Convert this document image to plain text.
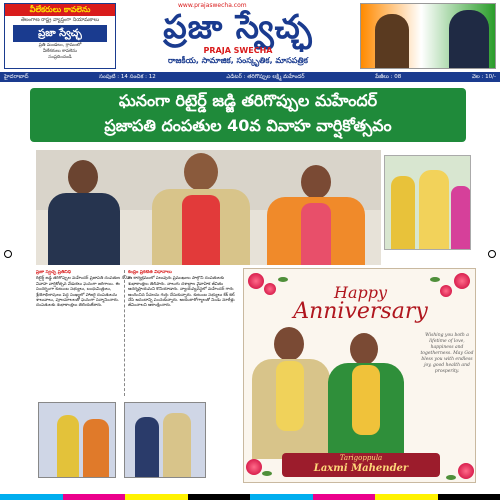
వీలేకరులు కావలెను
తెలంగాణ రాష్ట్ర వ్యాప్తంగా నియామకాలు
ప్రజా స్వేచ్ఛ
ప్రతి మండలం, గ్రామంలో
వీలేకరులు కావలెను
సంప్రదించండి
www.prajaswecha.com
ప్రజా స్వేచ్ఛ
PRAJA SWECHA
రాజకీయ, సామాజిక, సంస్కృతిక, మాసపత్రిక
హైదరాబాద్	సంపుటి : 14 సంచిక : 12	ఎడిటర్ : తరిగొప్పుల లక్ష్మి మహేందర్	పేజీలు : 08	వెల : 10/-
ఘనంగా రిటైర్డ్ జడ్జి తరిగొప్పుల మహేందర్
ప్రజాపతి దంపతుల 40వ వివాహ వార్షికోత్సవం
ప్రజా స్వేచ్ఛ ప్రతినిధి
రిటైర్డ్ జడ్జి తరిగొప్పుల మహేందర్ ప్రజాపతి దంపతుల 40వ వివాహ వార్షికోత్సవ వేడుకలు ఘనంగా జరిగాయి. ఈ సందర్భంగా కుటుంబ సభ్యులు, బంధుమిత్రులు, శ్రేయోభిలాషులు పెద్ద సంఖ్యలో హాజరై దంపతులను శాలువాలు, పూలమాలలతో ఘనంగా సన్మానించారు. దంపతులకు శుభాకాంక్షలు తెలియజేశారు.
కేంద్రం ప్రకటిత విధానాలు
ఈ కార్యక్రమంలో పలువురు ప్రముఖులు పాల్గొని దంపతులకు శుభాకాంక్షలు తెలిపారు. నాలుగు దశాబ్దాల వైవాహిక జీవితం ఆదర్శప్రాయమని కొనియాడారు. న్యాయవ్యవస్థలో మహేందర్ గారు అందించిన సేవలను గుర్తు చేసుకున్నారు. కుటుంబ సభ్యులు కేక్ కట్ చేసి ఆనందాన్ని పంచుకున్నారు. ఆయురారోగ్యాలతో నిండు నూరేళ్లు జీవించాలని ఆకాంక్షించారు.
Happy
Anniversary
Wishing you both a lifetime of love, happiness and togetherness. May God bless you with endless joy, good health and prosperity.
Tarigoppula
Laxmi Mahender
